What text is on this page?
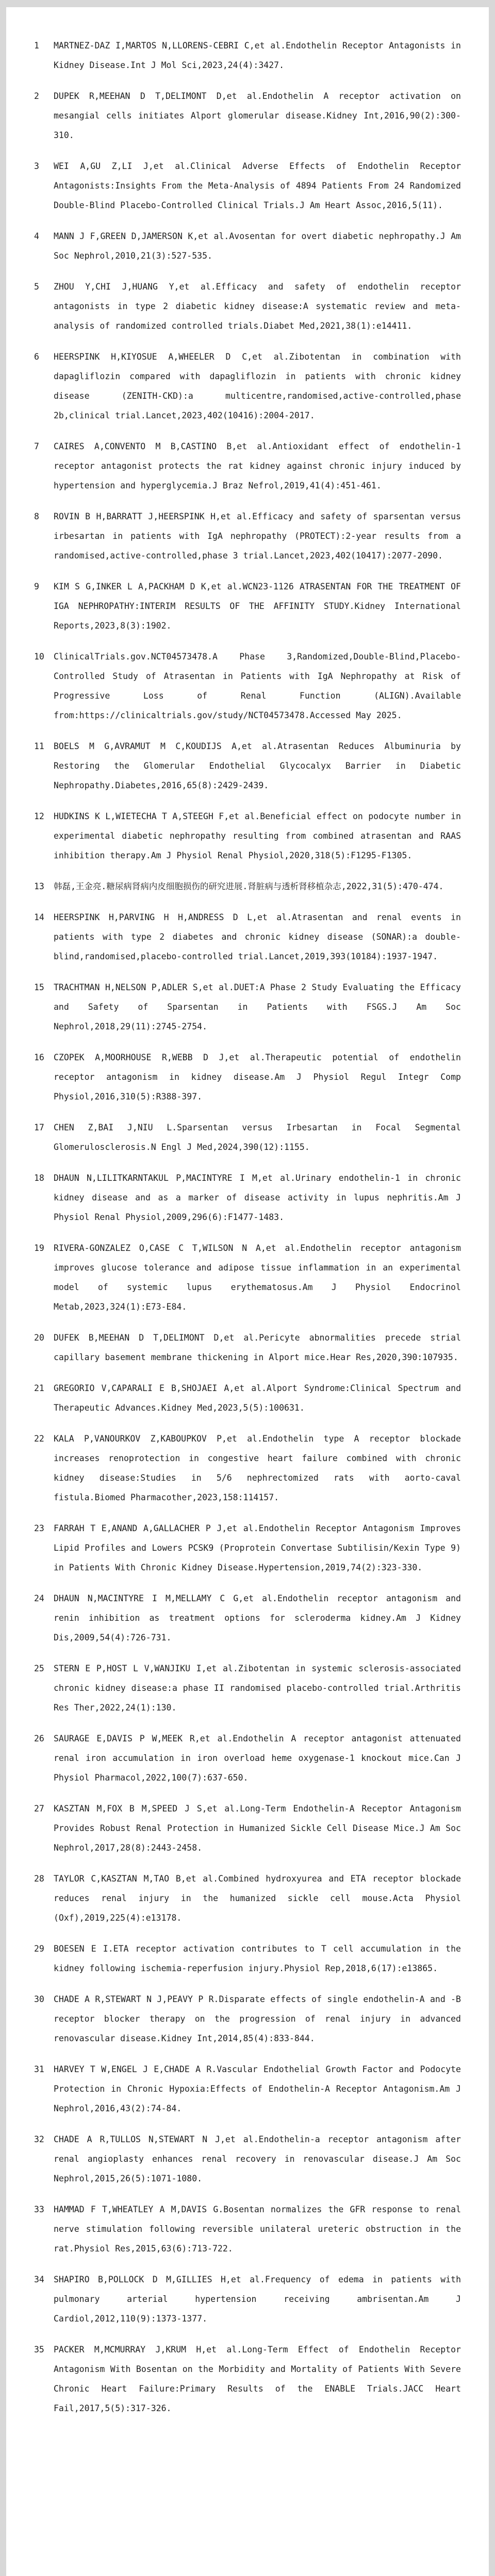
1	MARTNEZ-DAZ I,MARTOS N,LLORENS-CEBRI C,et al.Endothelin Receptor Antagonists in Kidney Disease.Int J Mol Sci,2023,24(4):3427.
2	DUPEK R,MEEHAN D T,DELIMONT D,et al.Endothelin A receptor activation on mesangial cells initiates Alport glomerular disease.Kidney Int,2016,90(2):300-310.
3	WEI A,GU Z,LI J,et al.Clinical Adverse Effects of Endothelin Receptor Antagonists:Insights From the Meta-Analysis of 4894 Patients From 24 Randomized Double-Blind Placebo-Controlled Clinical Trials.J Am Heart Assoc,2016,5(11).
4	MANN J F,GREEN D,JAMERSON K,et al.Avosentan for overt diabetic nephropathy.J Am Soc Nephrol,2010,21(3):527-535.
5	ZHOU Y,CHI J,HUANG Y,et al.Efficacy and safety of endothelin receptor antagonists in type 2 diabetic kidney disease:A systematic review and meta-analysis of randomized controlled trials.Diabet Med,2021,38(1):e14411.
6	HEERSPINK H,KIYOSUE A,WHEELER D C,et al.Zibotentan in combination with dapagliflozin compared with dapagliflozin in patients with chronic kidney disease (ZENITH-CKD):a multicentre,randomised,active-controlled,phase 2b,clinical trial.Lancet,2023,402(10416):2004-2017.
7	CAIRES A,CONVENTO M B,CASTINO B,et al.Antioxidant effect of endothelin-1 receptor antagonist protects the rat kidney against chronic injury induced by hypertension and hyperglycemia.J Braz Nefrol,2019,41(4):451-461.
8	ROVIN B H,BARRATT J,HEERSPINK H,et al.Efficacy and safety of sparsentan versus irbesartan in patients with IgA nephropathy (PROTECT):2-year results from a randomised,active-controlled,phase 3 trial.Lancet,2023,402(10417):2077-2090.
9	KIM S G,INKER L A,PACKHAM D K,et al.WCN23-1126 ATRASENTAN FOR THE TREATMENT OF IGA NEPHROPATHY:INTERIM RESULTS OF THE AFFINITY STUDY.Kidney International Reports,2023,8(3):1902.
10	ClinicalTrials.gov.NCT04573478.A Phase 3,Randomized,Double-Blind,Placebo-Controlled Study of Atrasentan in Patients with IgA Nephropathy at Risk of Progressive Loss of Renal Function (ALIGN).Available from:https://clinicaltrials.gov/study/NCT04573478.Accessed May 2025.
11	BOELS M G,AVRAMUT M C,KOUDIJS A,et al.Atrasentan Reduces Albuminuria by Restoring the Glomerular Endothelial Glycocalyx Barrier in Diabetic Nephropathy.Diabetes,2016,65(8):2429-2439.
12	HUDKINS K L,WIETECHA T A,STEEGH F,et al.Beneficial effect on podocyte number in experimental diabetic nephropathy resulting from combined atrasentan and RAAS inhibition therapy.Am J Physiol Renal Physiol,2020,318(5):F1295-F1305.
13	韩磊,王金亮.糖尿病肾病内皮细胞损伤的研究进展.肾脏病与透析肾移植杂志,2022,31(5):470-474.
14	HEERSPINK H,PARVING H H,ANDRESS D L,et al.Atrasentan and renal events in patients with type 2 diabetes and chronic kidney disease (SONAR):a double-blind,randomised,placebo-controlled trial.Lancet,2019,393(10184):1937-1947.
15	TRACHTMAN H,NELSON P,ADLER S,et al.DUET:A Phase 2 Study Evaluating the Efficacy and Safety of Sparsentan in Patients with FSGS.J Am Soc Nephrol,2018,29(11):2745-2754.
16	CZOPEK A,MOORHOUSE R,WEBB D J,et al.Therapeutic potential of endothelin receptor antagonism in kidney disease.Am J Physiol Regul Integr Comp Physiol,2016,310(5):R388-397.
17	CHEN Z,BAI J,NIU L.Sparsentan versus Irbesartan in Focal Segmental Glomerulosclerosis.N Engl J Med,2024,390(12):1155.
18	DHAUN N,LILITKARNTAKUL P,MACINTYRE I M,et al.Urinary endothelin-1 in chronic kidney disease and as a marker of disease activity in lupus nephritis.Am J Physiol Renal Physiol,2009,296(6):F1477-1483.
19	RIVERA-GONZALEZ O,CASE C T,WILSON N A,et al.Endothelin receptor antagonism improves glucose tolerance and adipose tissue inflammation in an experimental model of systemic lupus erythematosus.Am J Physiol Endocrinol Metab,2023,324(1):E73-E84.
20	DUFEK B,MEEHAN D T,DELIMONT D,et al.Pericyte abnormalities precede strial capillary basement membrane thickening in Alport mice.Hear Res,2020,390:107935.
21	GREGORIO V,CAPARALI E B,SHOJAEI A,et al.Alport Syndrome:Clinical Spectrum and Therapeutic Advances.Kidney Med,2023,5(5):100631.
22	KALA P,VANOURKOV Z,KABOUPKOV P,et al.Endothelin type A receptor blockade increases renoprotection in congestive heart failure combined with chronic kidney disease:Studies in 5/6 nephrectomized rats with aorto-caval fistula.Biomed Pharmacother,2023,158:114157.
23	FARRAH T E,ANAND A,GALLACHER P J,et al.Endothelin Receptor Antagonism Improves Lipid Profiles and Lowers PCSK9 (Proprotein Convertase Subtilisin/Kexin Type 9) in Patients With Chronic Kidney Disease.Hypertension,2019,74(2):323-330.
24	DHAUN N,MACINTYRE I M,MELLAMY C G,et al.Endothelin receptor antagonism and renin inhibition as treatment options for scleroderma kidney.Am J Kidney Dis,2009,54(4):726-731.
25	STERN E P,HOST L V,WANJIKU I,et al.Zibotentan in systemic sclerosis-associated chronic kidney disease:a phase II randomised placebo-controlled trial.Arthritis Res Ther,2022,24(1):130.
26	SAURAGE E,DAVIS P W,MEEK R,et al.Endothelin A receptor antagonist attenuated renal iron accumulation in iron overload heme oxygenase-1 knockout mice.Can J Physiol Pharmacol,2022,100(7):637-650.
27	KASZTAN M,FOX B M,SPEED J S,et al.Long-Term Endothelin-A Receptor Antagonism Provides Robust Renal Protection in Humanized Sickle Cell Disease Mice.J Am Soc Nephrol,2017,28(8):2443-2458.
28	TAYLOR C,KASZTAN M,TAO B,et al.Combined hydroxyurea and ETA receptor blockade reduces renal injury in the humanized sickle cell mouse.Acta Physiol (Oxf),2019,225(4):e13178.
29	BOESEN E I.ETA receptor activation contributes to T cell accumulation in the kidney following ischemia-reperfusion injury.Physiol Rep,2018,6(17):e13865.
30	CHADE A R,STEWART N J,PEAVY P R.Disparate effects of single endothelin-A and -B receptor blocker therapy on the progression of renal injury in advanced renovascular disease.Kidney Int,2014,85(4):833-844.
31	HARVEY T W,ENGEL J E,CHADE A R.Vascular Endothelial Growth Factor and Podocyte Protection in Chronic Hypoxia:Effects of Endothelin-A Receptor Antagonism.Am J Nephrol,2016,43(2):74-84.
32	CHADE A R,TULLOS N,STEWART N J,et al.Endothelin-a receptor antagonism after renal angioplasty enhances renal recovery in renovascular disease.J Am Soc Nephrol,2015,26(5):1071-1080.
33	HAMMAD F T,WHEATLEY A M,DAVIS G.Bosentan normalizes the GFR response to renal nerve stimulation following reversible unilateral ureteric obstruction in the rat.Physiol Res,2015,63(6):713-722.
34	SHAPIRO B,POLLOCK D M,GILLIES H,et al.Frequency of edema in patients with pulmonary arterial hypertension receiving ambrisentan.Am J Cardiol,2012,110(9):1373-1377.
35	PACKER M,MCMURRAY J,KRUM H,et al.Long-Term Effect of Endothelin Receptor Antagonism With Bosentan on the Morbidity and Mortality of Patients With Severe Chronic Heart Failure:Primary Results of the ENABLE Trials.JACC Heart Fail,2017,5(5):317-326.
